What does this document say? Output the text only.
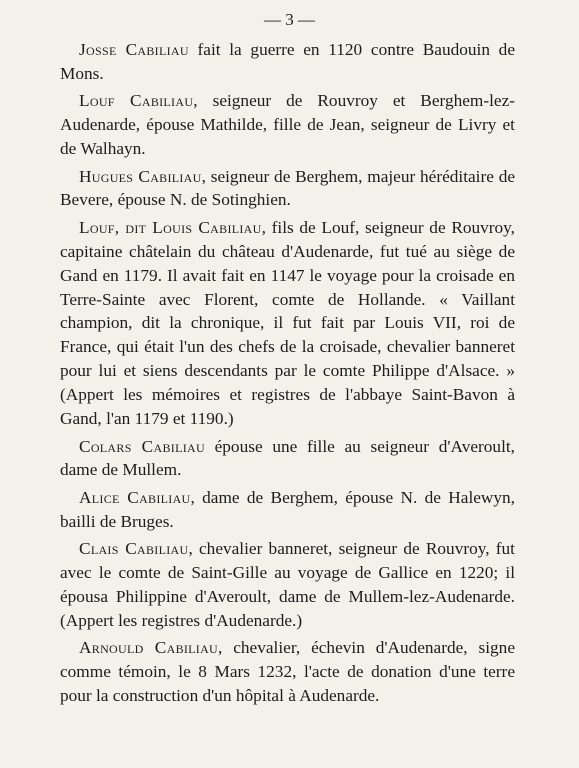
— 3 —

Josse Cabiliau fait la guerre en 1120 contre Baudouin de Mons.

Louf Cabiliau, seigneur de Rouvroy et Berghem-lez-Audenarde, épouse Mathilde, fille de Jean, seigneur de Livry et de Walhayn.

Hugues Cabiliau, seigneur de Berghem, majeur héréditaire de Bevere, épouse N. de Sotinghien.

Louf, dit Louis Cabiliau, fils de Louf, seigneur de Rouvroy, capitaine châtelain du château d'Audenarde, fut tué au siège de Gand en 1179. Il avait fait en 1147 le voyage pour la croisade en Terre-Sainte avec Florent, comte de Hollande. « Vaillant champion, dit la chronique, il fut fait par Louis VII, roi de France, qui était l'un des chefs de la croisade, chevalier banneret pour lui et siens descendants par le comte Philippe d'Alsace. » (Appert les mémoires et registres de l'abbaye Saint-Bavon à Gand, l'an 1179 et 1190.)

Colars Cabiliau épouse une fille au seigneur d'Averoult, dame de Mullem.

Alice Cabiliau, dame de Berghem, épouse N. de Halewyn, bailli de Bruges.

Clais Cabiliau, chevalier banneret, seigneur de Rouvroy, fut avec le comte de Saint-Gille au voyage de Gallice en 1220; il épousa Philippine d'Averoult, dame de Mullem-lez-Audenarde. (Appert les registres d'Audenarde.)

Arnould Cabiliau, chevalier, échevin d'Audenarde, signe comme témoin, le 8 Mars 1232, l'acte de donation d'une terre pour la construction d'un hôpital à Audenarde.
